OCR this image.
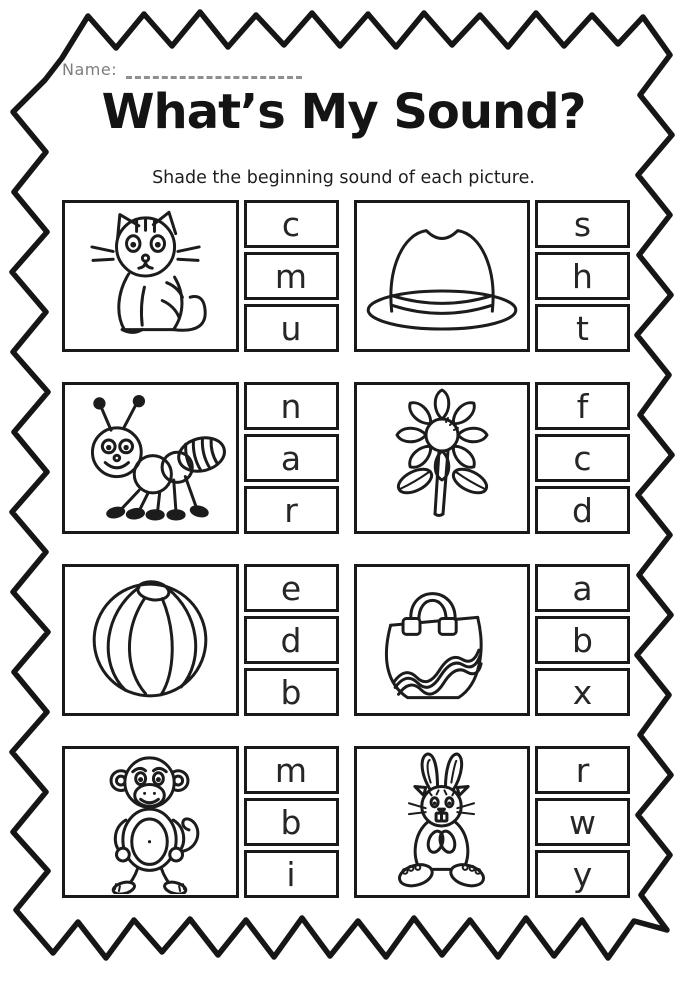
Name:
What’s My Sound?
Shade the beginning sound of each picture.
c
m
u
s
h
t
n
a
r
f
c
d
e
d
b
a
b
x
m
b
i
r
w
y
